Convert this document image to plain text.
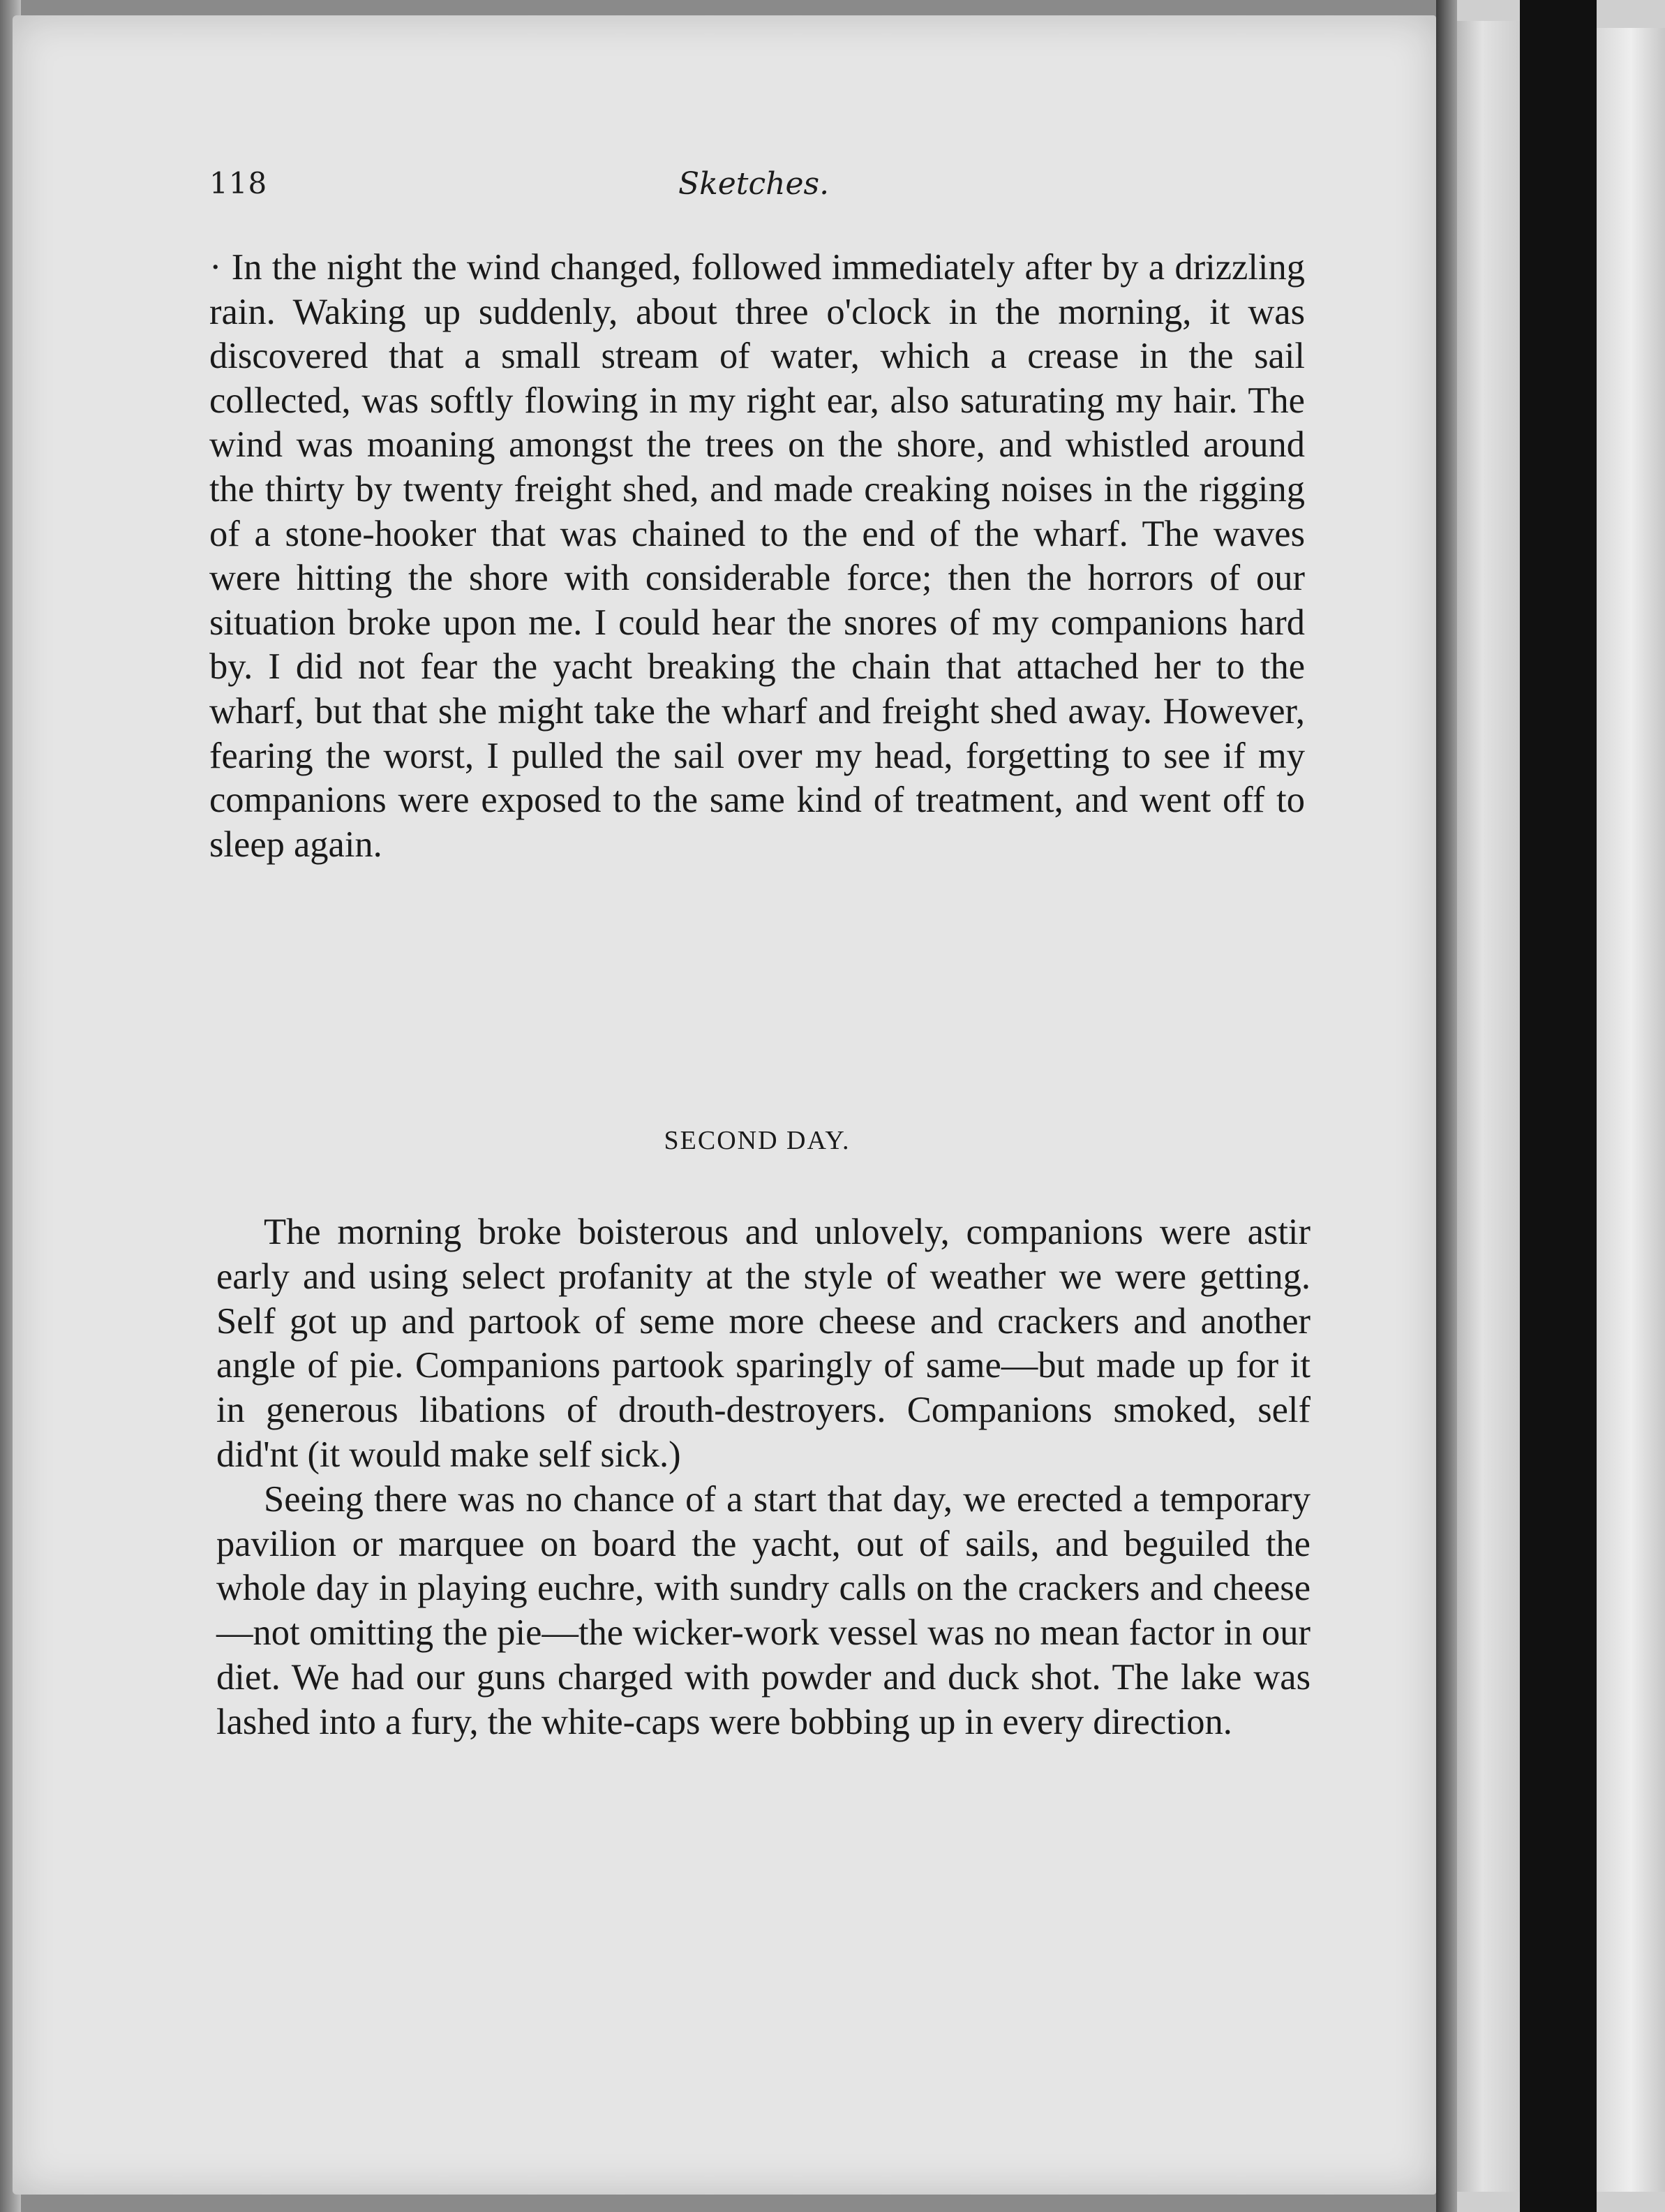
118	Sketches.

· In the night the wind changed, followed immediately after by a drizzling rain. Waking up suddenly, about three o'clock in the morning, it was discovered that a small stream of water, which a crease in the sail collected, was softly flowing in my right ear, also saturating my hair. The wind was moaning amongst the trees on the shore, and whistled around the thirty by twenty freight shed, and made creaking noises in the rigging of a stone-hooker that was chained to the end of the wharf. The waves were hitting the shore with considerable force; then the horrors of our situation broke upon me. I could hear the snores of my companions hard by. I did not fear the yacht breaking the chain that attached her to the wharf, but that she might take the wharf and freight shed away. However, fearing the worst, I pulled the sail over my head, forgetting to see if my companions were exposed to the same kind of treatment, and went off to sleep again.

SECOND DAY.

The morning broke boisterous and unlovely, companions were astir early and using select profanity at the style of weather we were getting. Self got up and partook of seme more cheese and crackers and another angle of pie. Companions partook sparingly of same—but made up for it in generous libations of drouth-destroyers. Companions smoked, self did'nt (it would make self sick.)

Seeing there was no chance of a start that day, we erected a temporary pavilion or marquee on board the yacht, out of sails, and beguiled the whole day in playing euchre, with sundry calls on the crackers and cheese—not omitting the pie—the wicker-work vessel was no mean factor in our diet. We had our guns charged with powder and duck shot. The lake was lashed into a fury, the white-caps were bobbing up in every direction.
